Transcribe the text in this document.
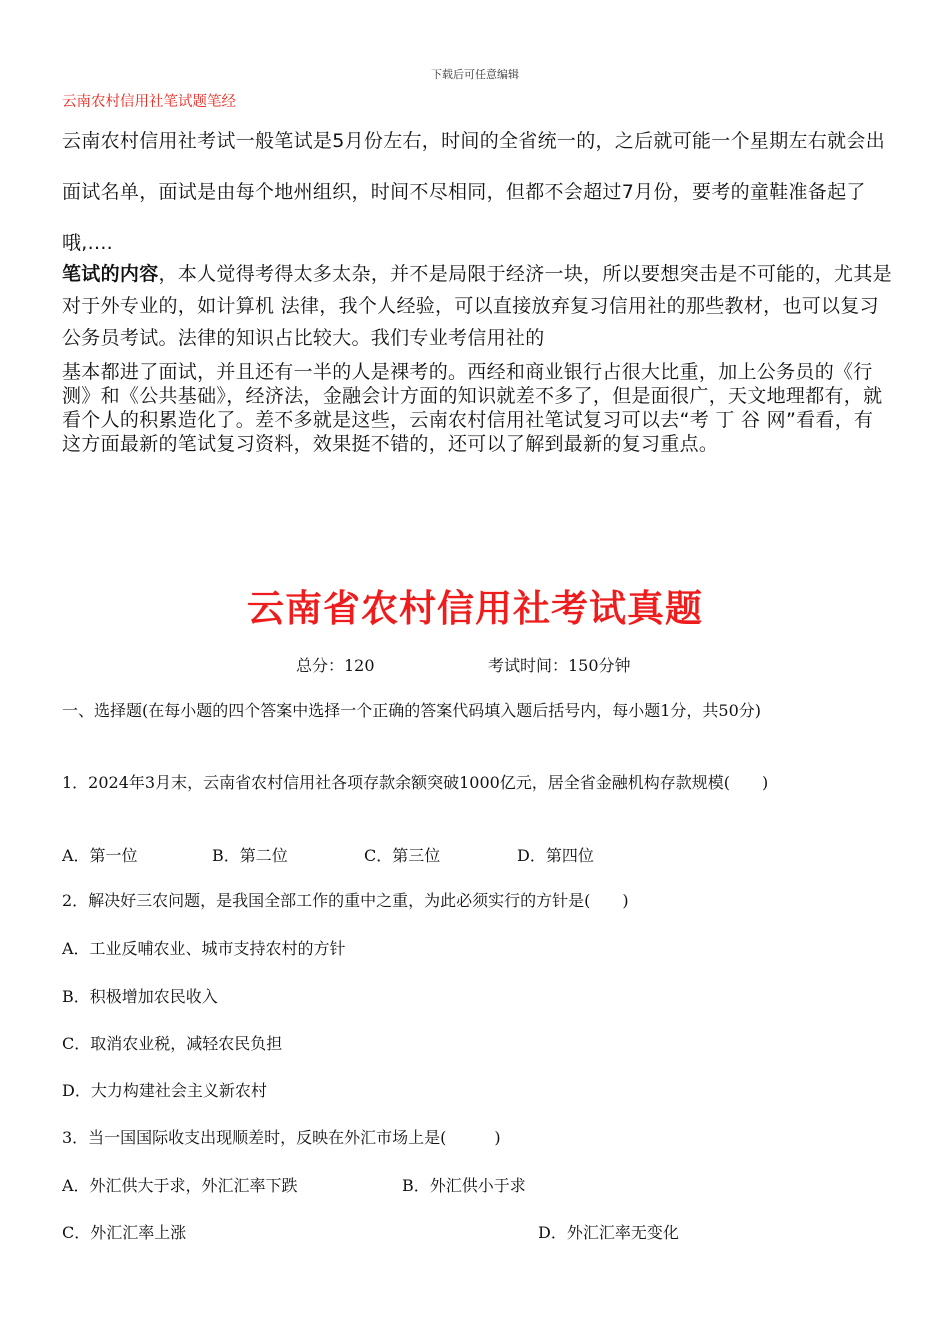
下载后可任意编辑
云南农村信用社笔试题笔经
云南农村信用社考试一般笔试是5月份左右，时间的全省统一的，之后就可能一个星期左右就会出面试名单，面试是由每个地州组织，时间不尽相同，但都不会超过7月份，要考的童鞋准备起了哦,....
笔试的内容，本人觉得考得太多太杂，并不是局限于经济一块，所以要想突击是不可能的，尤其是对于外专业的，如计算机 法律，我个人经验，可以直接放弃复习信用社的那些教材，也可以复习公务员考试。法律的知识占比较大。我们专业考信用社的
基本都进了面试，并且还有一半的人是裸考的。西经和商业银行占很大比重，加上公务员的《行测》和《公共基础》，经济法，金融会计方面的知识就差不多了，但是面很广，天文地理都有，就看个人的积累造化了。差不多就是这些，云南农村信用社笔试复习可以去“考 丁 谷 网”看看，有这方面最新的笔试复习资料，效果挺不错的，还可以了解到最新的复习重点。
云南省农村信用社考试真题
总分：120	考试时间：150分钟
一、选择题(在每小题的四个答案中选择一个正确的答案代码填入题后括号内，每小题1分，共50分)
1．2024年3月末，云南省农村信用社各项存款余额突破1000亿元，居全省金融机构存款规模(　　)
A．第一位	B．第二位	C．第三位	D．第四位
2．解决好三农问题，是我国全部工作的重中之重，为此必须实行的方针是(　　)
A．工业反哺农业、城市支持农村的方针
B．积极增加农民收入
C．取消农业税，减轻农民负担
D．大力构建社会主义新农村
3．当一国国际收支出现顺差时，反映在外汇市场上是(　　　)
A．外汇供大于求，外汇汇率下跌	B．外汇供小于求
C．外汇汇率上涨	D．外汇汇率无变化
